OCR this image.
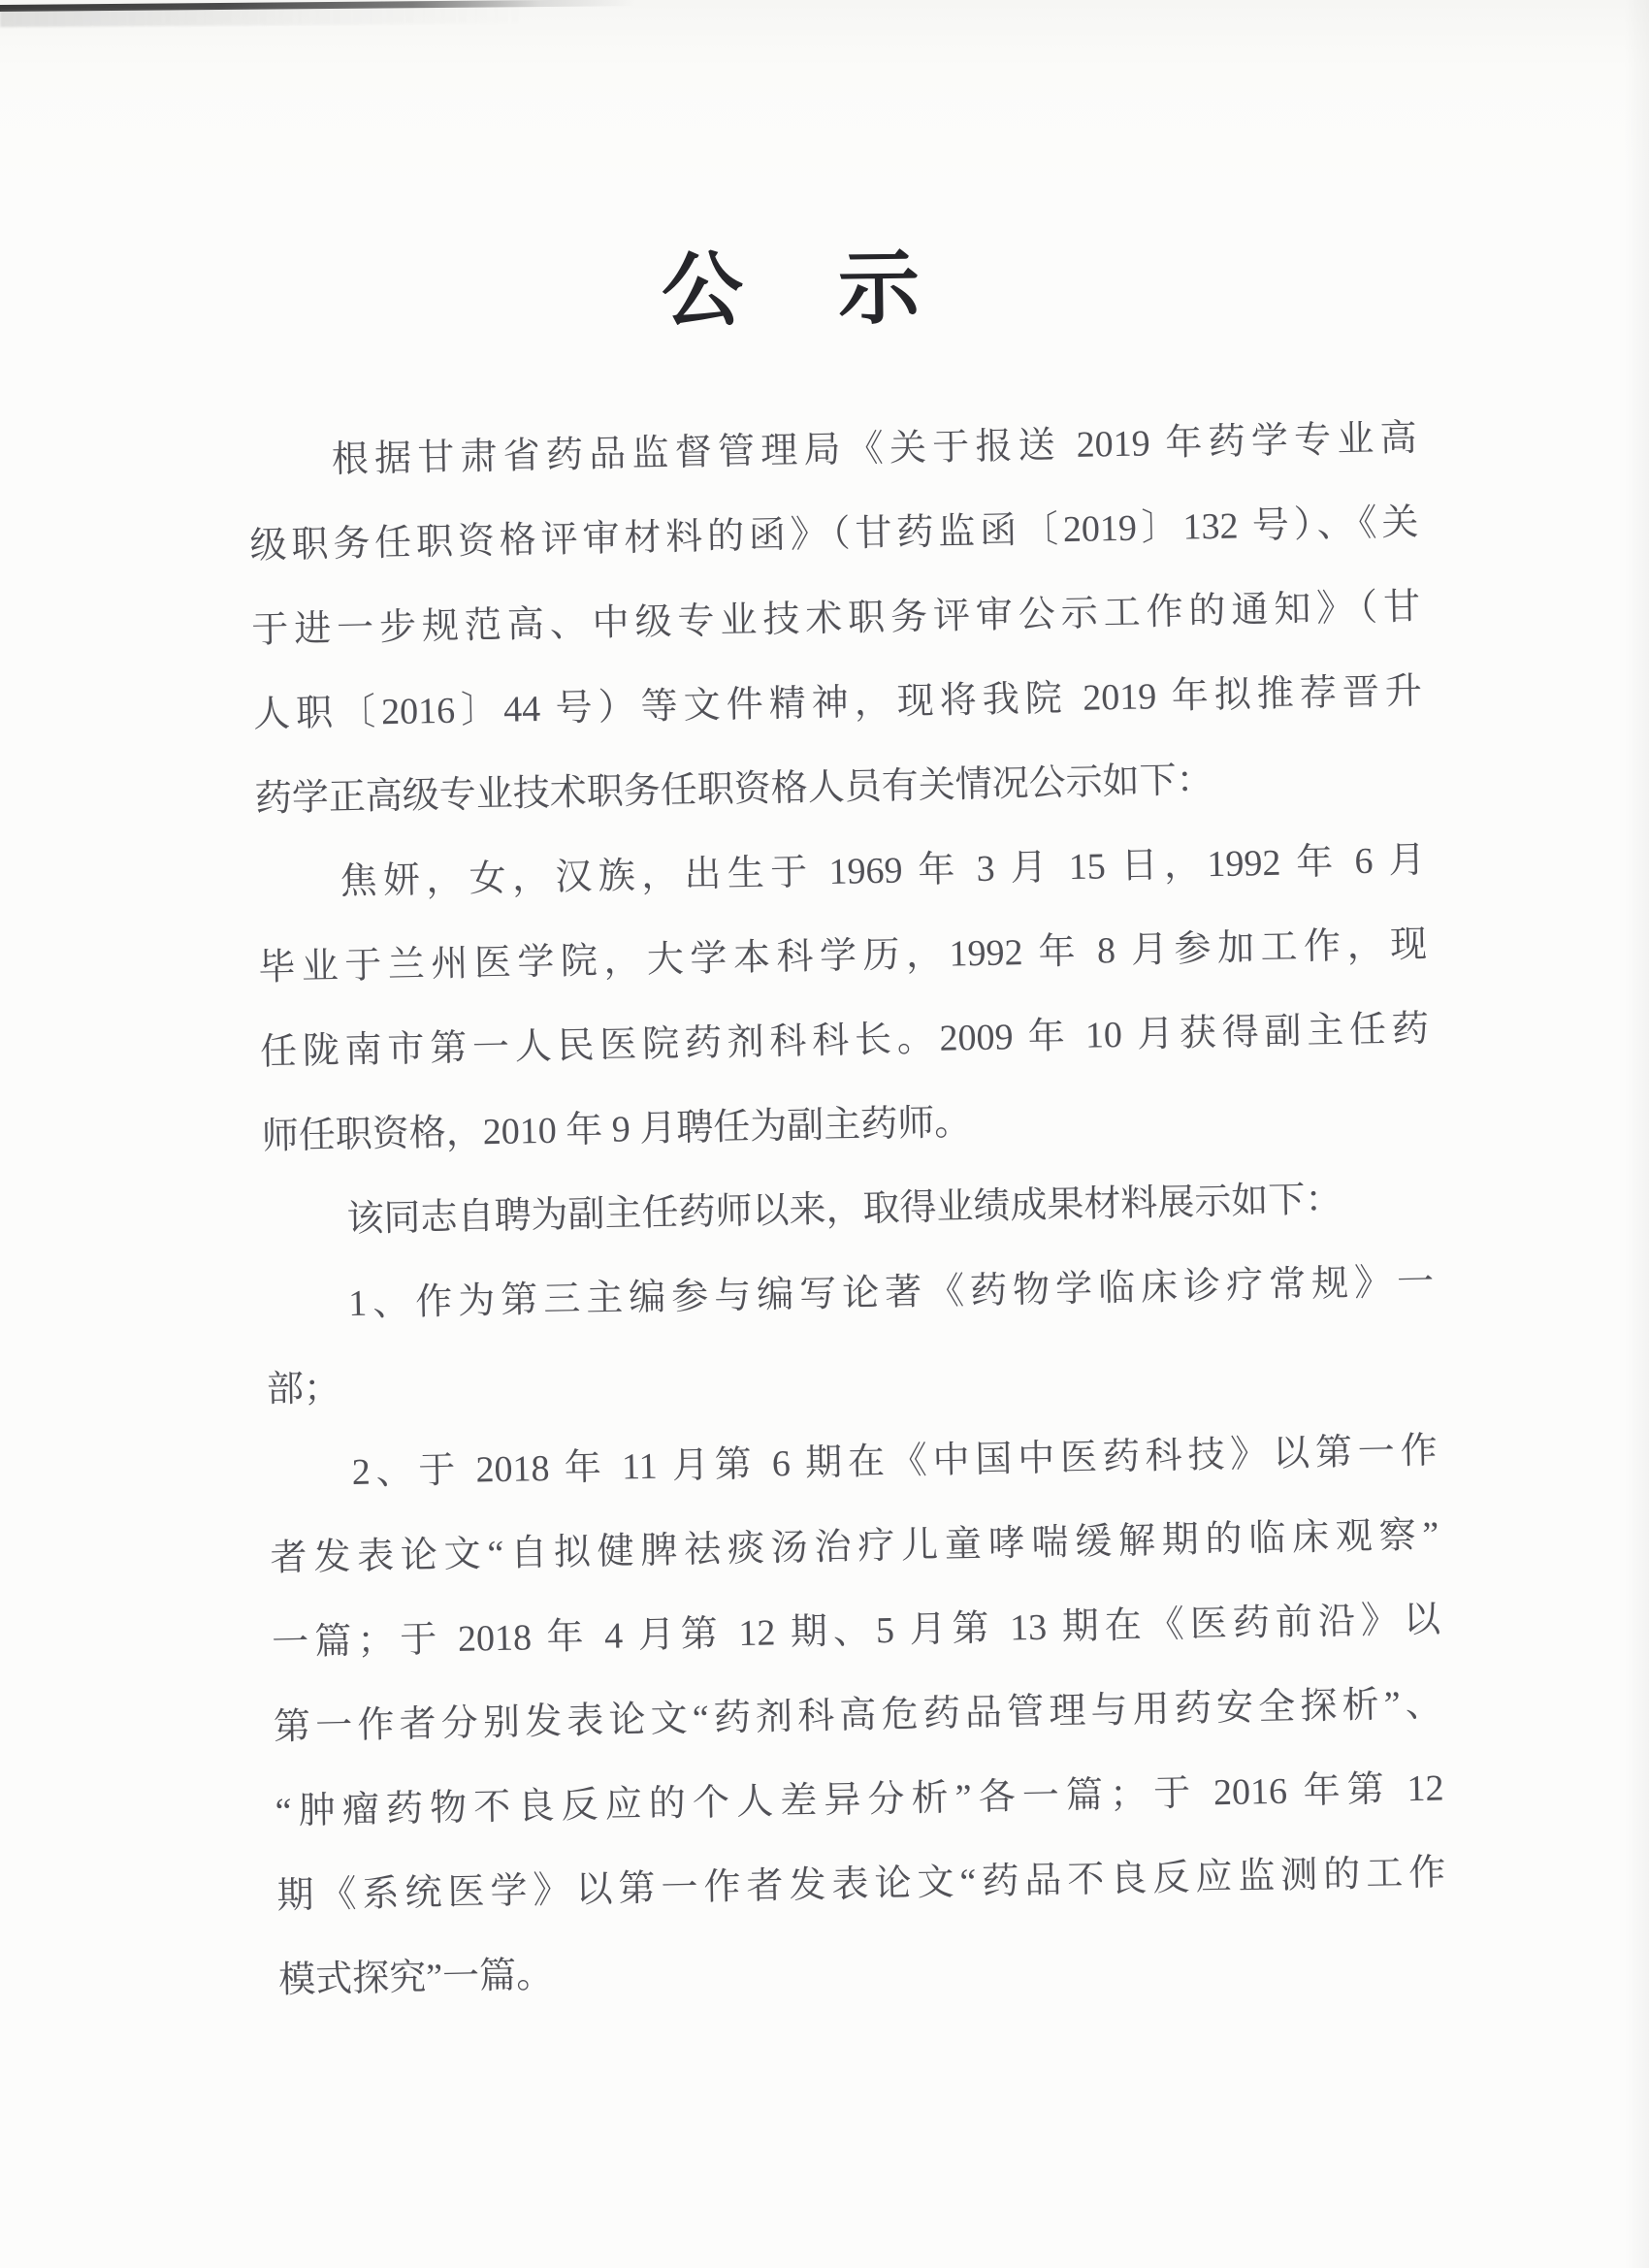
公 示
根据甘肃省药品监督管理局《关于报送 2019 年药学专业高
级职务任职资格评审材料的函》（甘药监函〔2019〕132 号）、《关
于进一步规范高、中级专业技术职务评审公示工作的通知》（甘
人职〔2016〕44 号）等文件精神，现将我院 2019 年拟推荐晋升
药学正高级专业技术职务任职资格人员有关情况公示如下：
焦妍，女，汉族，出生于 1969 年 3 月 15 日，1992 年 6 月
毕业于兰州医学院，大学本科学历，1992 年 8 月参加工作，现
任陇南市第一人民医院药剂科科长。2009 年 10 月获得副主任药
师任职资格，2010 年 9 月聘任为副主药师。
该同志自聘为副主任药师以来，取得业绩成果材料展示如下：
1、作为第三主编参与编写论著《药物学临床诊疗常规》一
部；
2、于 2018 年 11 月第 6 期在《中国中医药科技》以第一作
者发表论文“自拟健脾祛痰汤治疗儿童哮喘缓解期的临床观察”
一篇；于 2018 年 4 月第 12 期、5 月第 13 期在《医药前沿》以
第一作者分别发表论文“药剂科高危药品管理与用药安全探析”、
“肿瘤药物不良反应的个人差异分析”各一篇；于 2016 年第 12
期《系统医学》以第一作者发表论文“药品不良反应监测的工作
模式探究”一篇。
